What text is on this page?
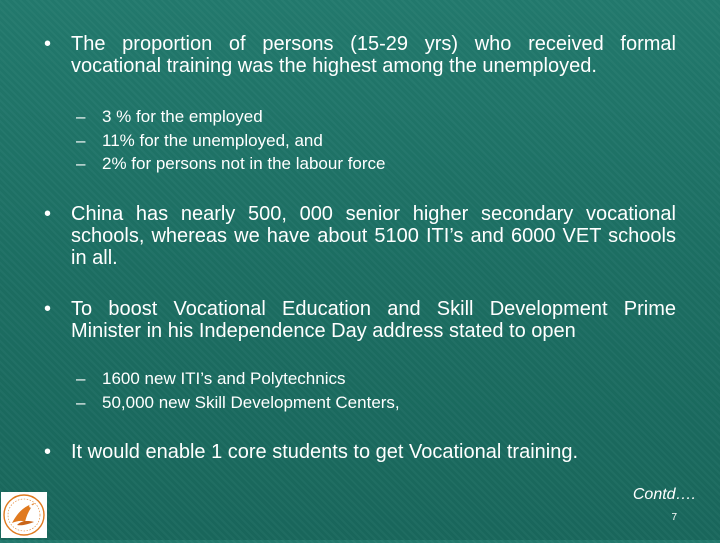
• The proportion of persons (15-29 yrs) who received formal vocational training was the highest among the unemployed.
– 3 % for the employed
– 11% for the unemployed, and
– 2% for persons not in the labour force
• China has nearly 500, 000 senior higher secondary vocational schools, whereas we have about 5100 ITI’s and 6000 VET schools in all.
• To boost Vocational Education and Skill Development Prime Minister in his Independence Day address stated to open
– 1600 new ITI’s and Polytechnics
– 50,000 new Skill Development Centers,
• It would enable 1 core students to get Vocational training.
Contd….
7
